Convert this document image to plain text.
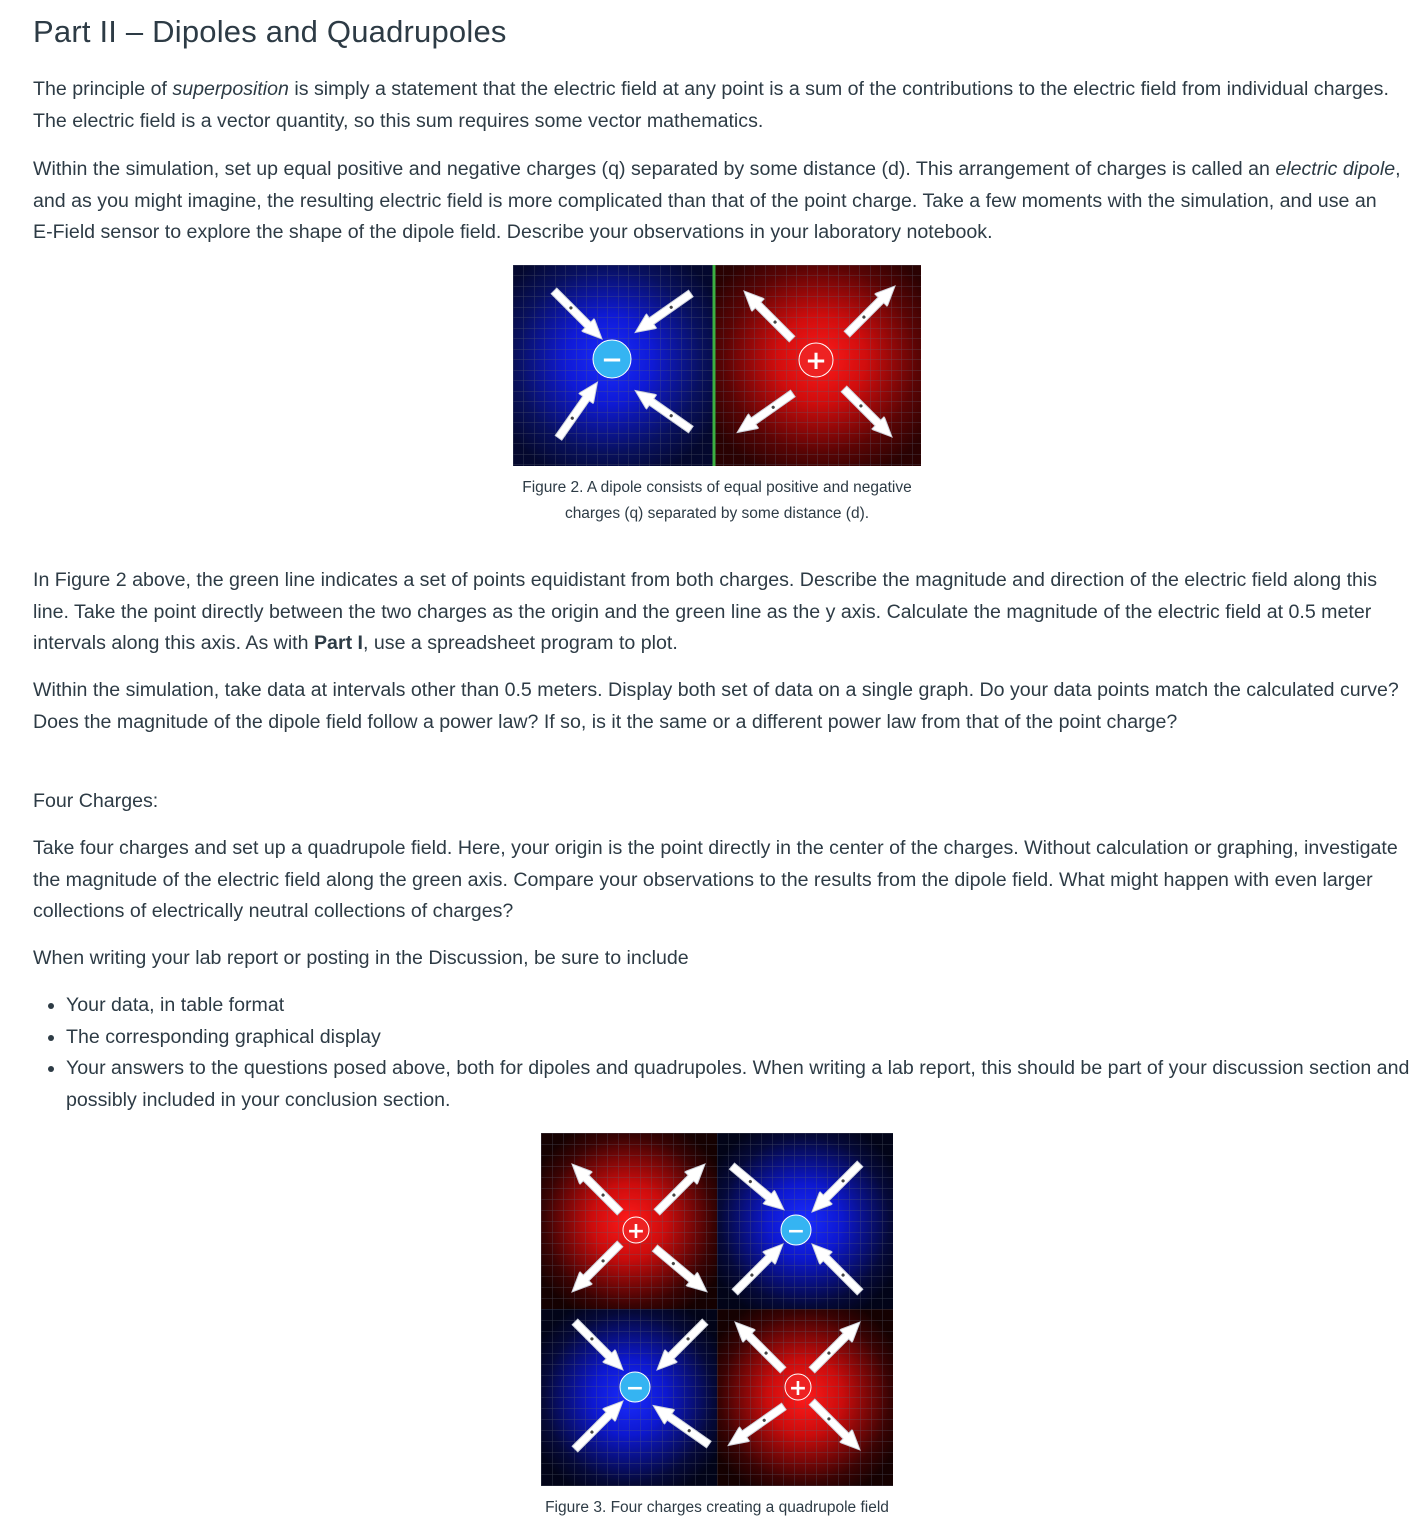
Part II – Dipoles and Quadrupoles

The principle of superposition is simply a statement that the electric field at any point is a sum of the contributions to the electric field from individual charges. The electric field is a vector quantity, so this sum requires some vector mathematics.

Within the simulation, set up equal positive and negative charges (q) separated by some distance (d). This arrangement of charges is called an electric dipole, and as you might imagine, the resulting electric field is more complicated than that of the point charge. Take a few moments with the simulation, and use an E-Field sensor to explore the shape of the dipole field. Describe your observations in your laboratory notebook.

−	+
Figure 2. A dipole consists of equal positive and negative
charges (q) separated by some distance (d).

In Figure 2 above, the green line indicates a set of points equidistant from both charges. Describe the magnitude and direction of the electric field along this line. Take the point directly between the two charges as the origin and the green line as the y axis. Calculate the magnitude of the electric field at 0.5 meter intervals along this axis. As with Part I, use a spreadsheet program to plot.

Within the simulation, take data at intervals other than 0.5 meters. Display both set of data on a single graph. Do your data points match the calculated curve? Does the magnitude of the dipole field follow a power law? If so, is it the same or a different power law from that of the point charge?

Four Charges:

Take four charges and set up a quadrupole field. Here, your origin is the point directly in the center of the charges. Without calculation or graphing, investigate the magnitude of the electric field along the green axis. Compare your observations to the results from the dipole field. What might happen with even larger collections of electrically neutral collections of charges?

When writing your lab report or posting in the Discussion, be sure to include

• Your data, in table format
• The corresponding graphical display
• Your answers to the questions posed above, both for dipoles and quadrupoles. When writing a lab report, this should be part of your discussion section and possibly included in your conclusion section.
+	−
−	+
Figure 3. Four charges creating a quadrupole field
